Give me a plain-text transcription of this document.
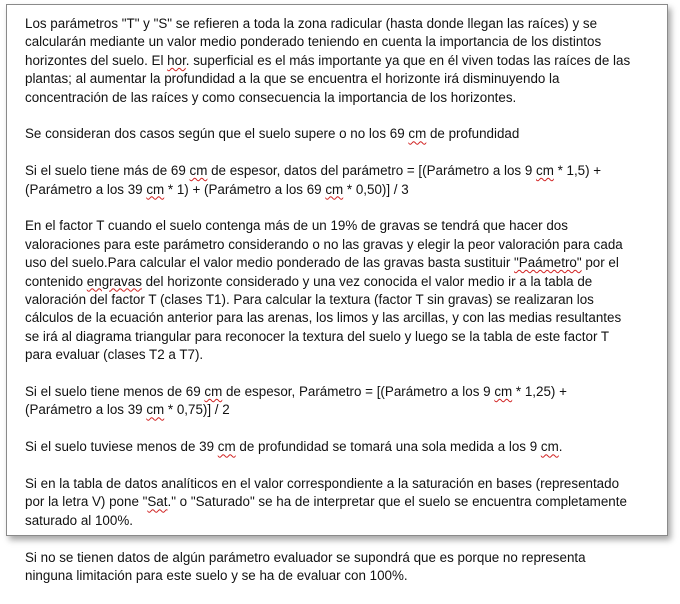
Los parámetros "T" y "S" se refieren a toda la zona radicular (hasta donde llegan las raíces) y se
calcularán mediante un valor medio ponderado teniendo en cuenta la importancia de los distintos
horizontes del suelo. El hor. superficial es el más importante ya que en él viven todas las raíces de las
plantas; al aumentar la profundidad a la que se encuentra el horizonte irá disminuyendo la
concentración de las raíces y como consecuencia la importancia de los horizontes.

Se consideran dos casos según que el suelo supere o no los 69 cm de profundidad

Si el suelo tiene más de 69 cm de espesor, datos del parámetro = [(Parámetro a los 9 cm * 1,5) +
(Parámetro a los 39 cm * 1) + (Parámetro a los 69 cm * 0,50)] / 3

En el factor T cuando el suelo contenga más de un 19% de gravas se tendrá que hacer dos
valoraciones para este parámetro considerando o no las gravas y elegir la peor valoración para cada
uso del suelo.Para calcular el valor medio ponderado de las gravas basta sustituir "Paámetro" por el
contenido engravas del horizonte considerado y una vez conocida el valor medio ir a la tabla de
valoración del factor T (clases T1). Para calcular la textura (factor T sin gravas) se realizaran los
cálculos de la ecuación anterior para las arenas, los limos y las arcillas, y con las medias resultantes
se irá al diagrama triangular para reconocer la textura del suelo y luego se la tabla de este factor T
para evaluar (clases T2 a T7).

Si el suelo tiene menos de 69 cm de espesor, Parámetro = [(Parámetro a los 9 cm * 1,25) +
(Parámetro a los 39 cm * 0,75)] / 2

Si el suelo tuviese menos de 39 cm de profundidad se tomará una sola medida a los 9 cm.

Si en la tabla de datos analíticos en el valor correspondiente a la saturación en bases (representado
por la letra V) pone "Sat." o "Saturado" se ha de interpretar que el suelo se encuentra completamente
saturado al 100%.

Si no se tienen datos de algún parámetro evaluador se supondrá que es porque no representa
ninguna limitación para este suelo y se ha de evaluar con 100%.
